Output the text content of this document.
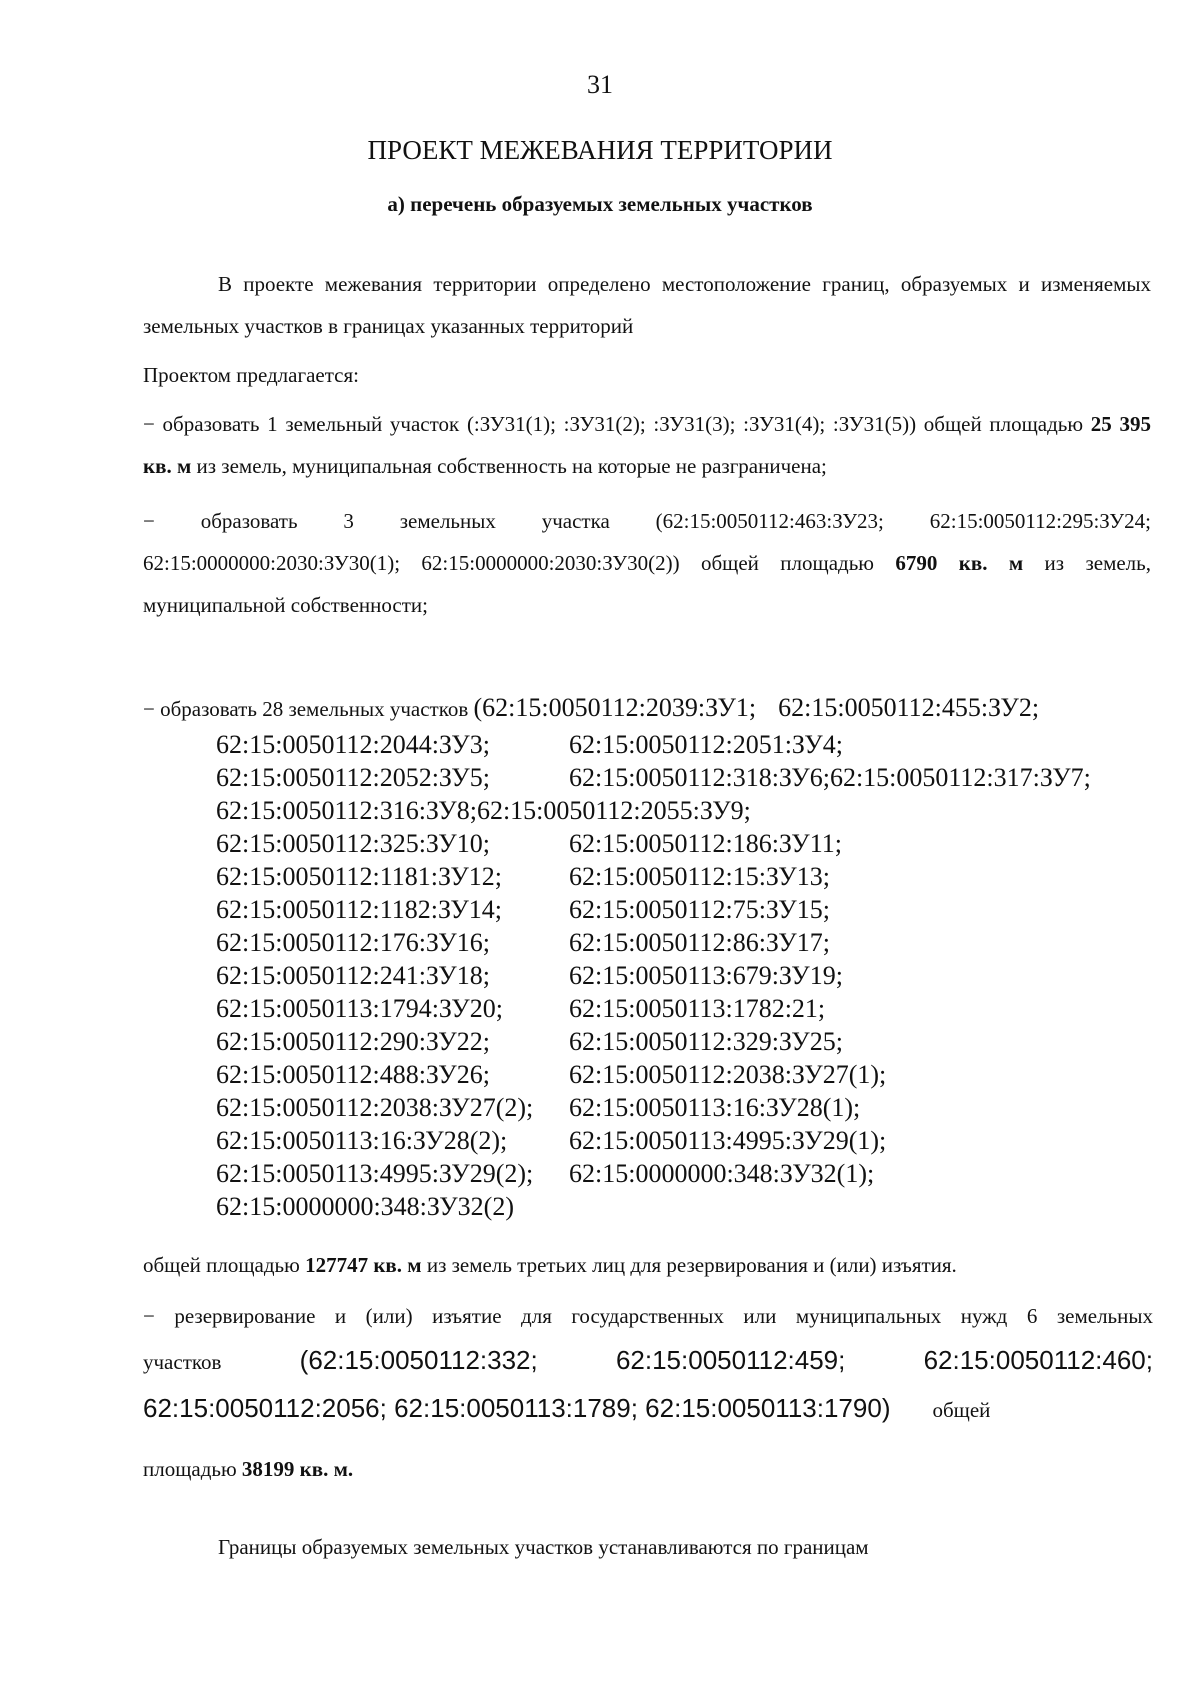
31
ПРОЕКТ МЕЖЕВАНИЯ ТЕРРИТОРИИ
а) перечень образуемых земельных участков

В проекте межевания территории определено местоположение границ, образуемых и изменяемых земельных участков в границах указанных территорий

Проектом предлагается:

− образовать 1 земельный участок (:ЗУ31(1); :ЗУ31(2); :ЗУ31(3); :ЗУ31(4); :ЗУ31(5)) общей площадью 25 395 кв. м из земель, муниципальная собственность на которые не разграничена;

− образовать 3 земельных участка (62:15:0050112:463:ЗУ23; 62:15:0050112:295:ЗУ24; 62:15:0000000:2030:ЗУ30(1); 62:15:0000000:2030:ЗУ30(2)) общей площадью 6790 кв. м из земель, муниципальной собственности;

− образовать 28 земельных участков (62:15:0050112:2039:ЗУ1; 62:15:0050112:455:ЗУ2;
62:15:0050112:2044:ЗУ3;	62:15:0050112:2051:ЗУ4;
62:15:0050112:2052:ЗУ5;	62:15:0050112:318:ЗУ6;62:15:0050112:317:ЗУ7;
62:15:0050112:316:ЗУ8;62:15:0050112:2055:ЗУ9;
62:15:0050112:325:ЗУ10;	62:15:0050112:186:ЗУ11;
62:15:0050112:1181:ЗУ12;	62:15:0050112:15:ЗУ13;
62:15:0050112:1182:ЗУ14;	62:15:0050112:75:ЗУ15;
62:15:0050112:176:ЗУ16;	62:15:0050112:86:ЗУ17;
62:15:0050112:241:ЗУ18;	62:15:0050113:679:ЗУ19;
62:15:0050113:1794:ЗУ20;	62:15:0050113:1782:21;
62:15:0050112:290:ЗУ22;	62:15:0050112:329:ЗУ25;
62:15:0050112:488:ЗУ26;	62:15:0050112:2038:ЗУ27(1);
62:15:0050112:2038:ЗУ27(2); 62:15:0050113:16:ЗУ28(1);
62:15:0050113:16:ЗУ28(2); 62:15:0050113:4995:ЗУ29(1);
62:15:0050113:4995:ЗУ29(2); 62:15:0000000:348:ЗУ32(1);
62:15:0000000:348:ЗУ32(2)

общей площадью 127747 кв. м из земель третьих лиц для резервирования и (или) изъятия.

− резервирование и (или) изъятие для государственных или муниципальных нужд 6 земельных
участков	(62:15:0050112:332;	62:15:0050112:459;	62:15:0050112:460;
62:15:0050112:2056; 62:15:0050113:1789; 62:15:0050113:1790) общей

площадью 38199 кв. м.

Границы образуемых земельных участков устанавливаются по границам
